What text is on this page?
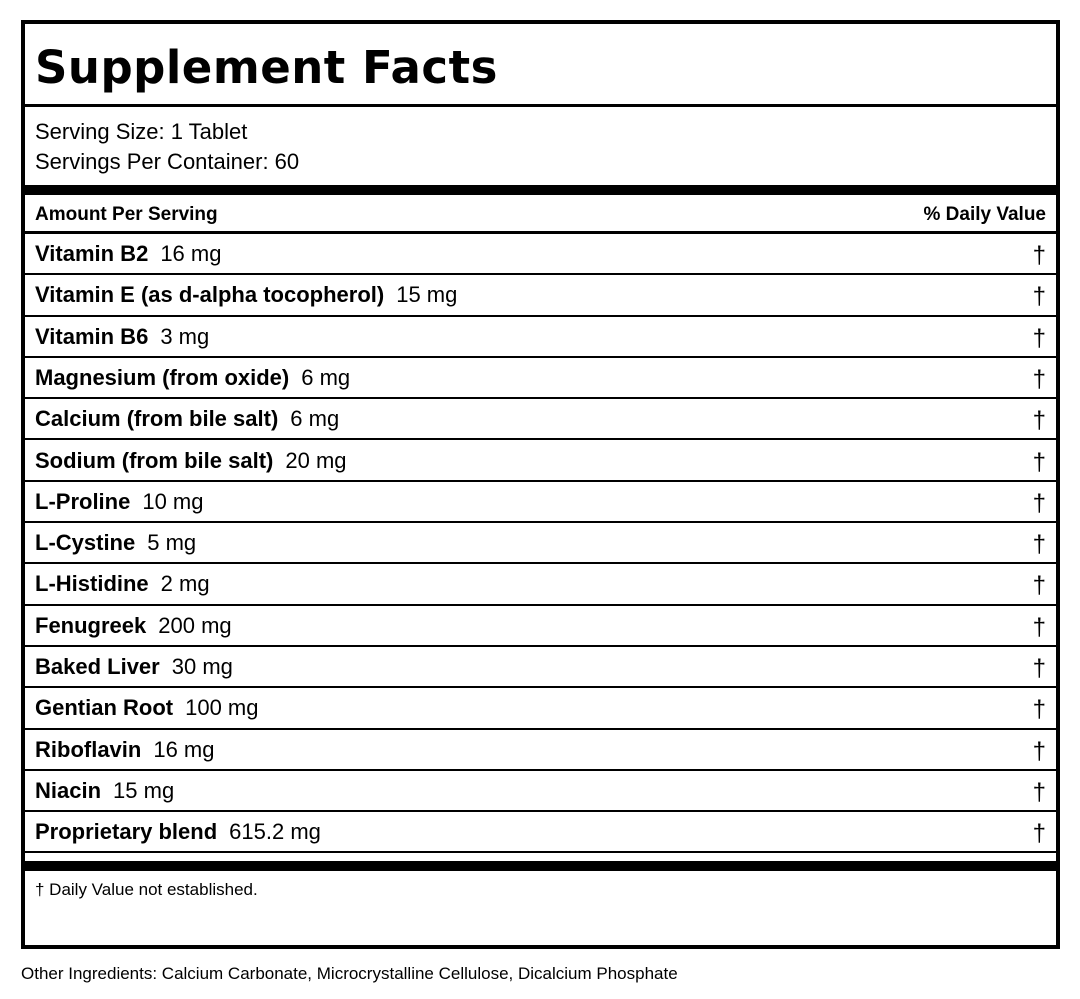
Supplement Facts
Serving Size: 1 Tablet
Servings Per Container: 60
Amount Per Serving	% Daily Value
Vitamin B2 16 mg	†
Vitamin E (as d-alpha tocopherol) 15 mg	†
Vitamin B6 3 mg	†
Magnesium (from oxide) 6 mg	†
Calcium (from bile salt) 6 mg	†
Sodium (from bile salt) 20 mg	†
L-Proline 10 mg	†
L-Cystine 5 mg	†
L-Histidine 2 mg	†
Fenugreek 200 mg	†
Baked Liver 30 mg	†
Gentian Root 100 mg	†
Riboflavin 16 mg	†
Niacin 15 mg	†
Proprietary blend 615.2 mg	†
† Daily Value not established.
Other Ingredients: Calcium Carbonate, Microcrystalline Cellulose, Dicalcium Phosphate
